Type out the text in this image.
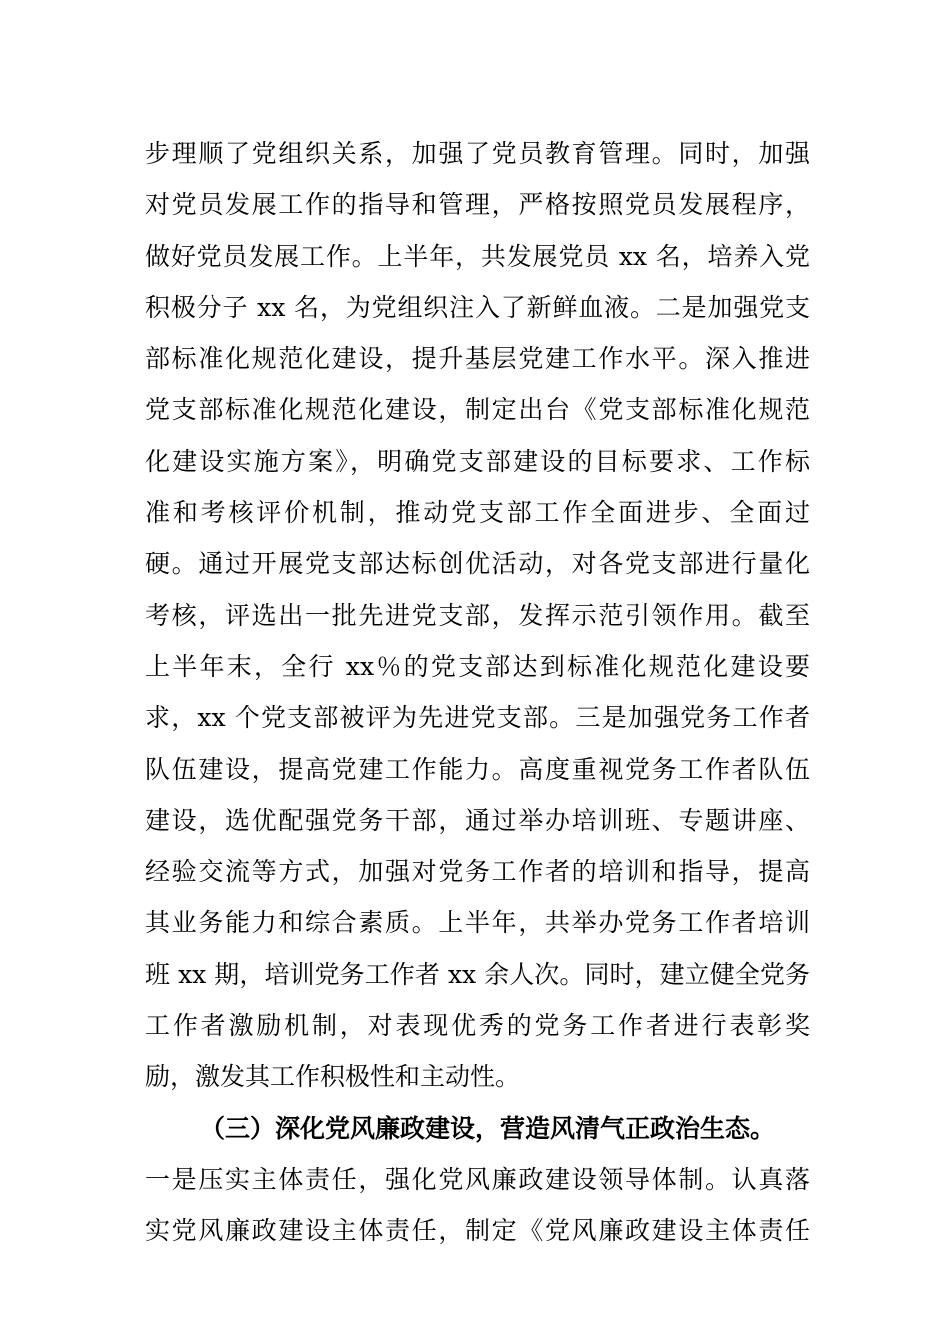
步理顺了党组织关系，加强了党员教育管理。同时，加强
对党员发展工作的指导和管理，严格按照党员发展程序，
做好党员发展工作。上半年，共发展党员 xx 名，培养入党
积极分子 xx 名，为党组织注入了新鲜血液。二是加强党支
部标准化规范化建设，提升基层党建工作水平。深入推进
党支部标准化规范化建设，制定出台《党支部标准化规范
化建设实施方案》，明确党支部建设的目标要求、工作标
准和考核评价机制，推动党支部工作全面进步、全面过
硬。通过开展党支部达标创优活动，对各党支部进行量化
考核，评选出一批先进党支部，发挥示范引领作用。截至
上半年末，全行 xx％的党支部达到标准化规范化建设要
求，xx 个党支部被评为先进党支部。三是加强党务工作者
队伍建设，提高党建工作能力。高度重视党务工作者队伍
建设，选优配强党务干部，通过举办培训班、专题讲座、
经验交流等方式，加强对党务工作者的培训和指导，提高
其业务能力和综合素质。上半年，共举办党务工作者培训
班 xx 期，培训党务工作者 xx 余人次。同时，建立健全党务
工作者激励机制，对表现优秀的党务工作者进行表彰奖
励，激发其工作积极性和主动性。
（三）深化党风廉政建设，营造风清气正政治生态。
一是压实主体责任，强化党风廉政建设领导体制。认真落
实党风廉政建设主体责任，制定《党风廉政建设主体责任
